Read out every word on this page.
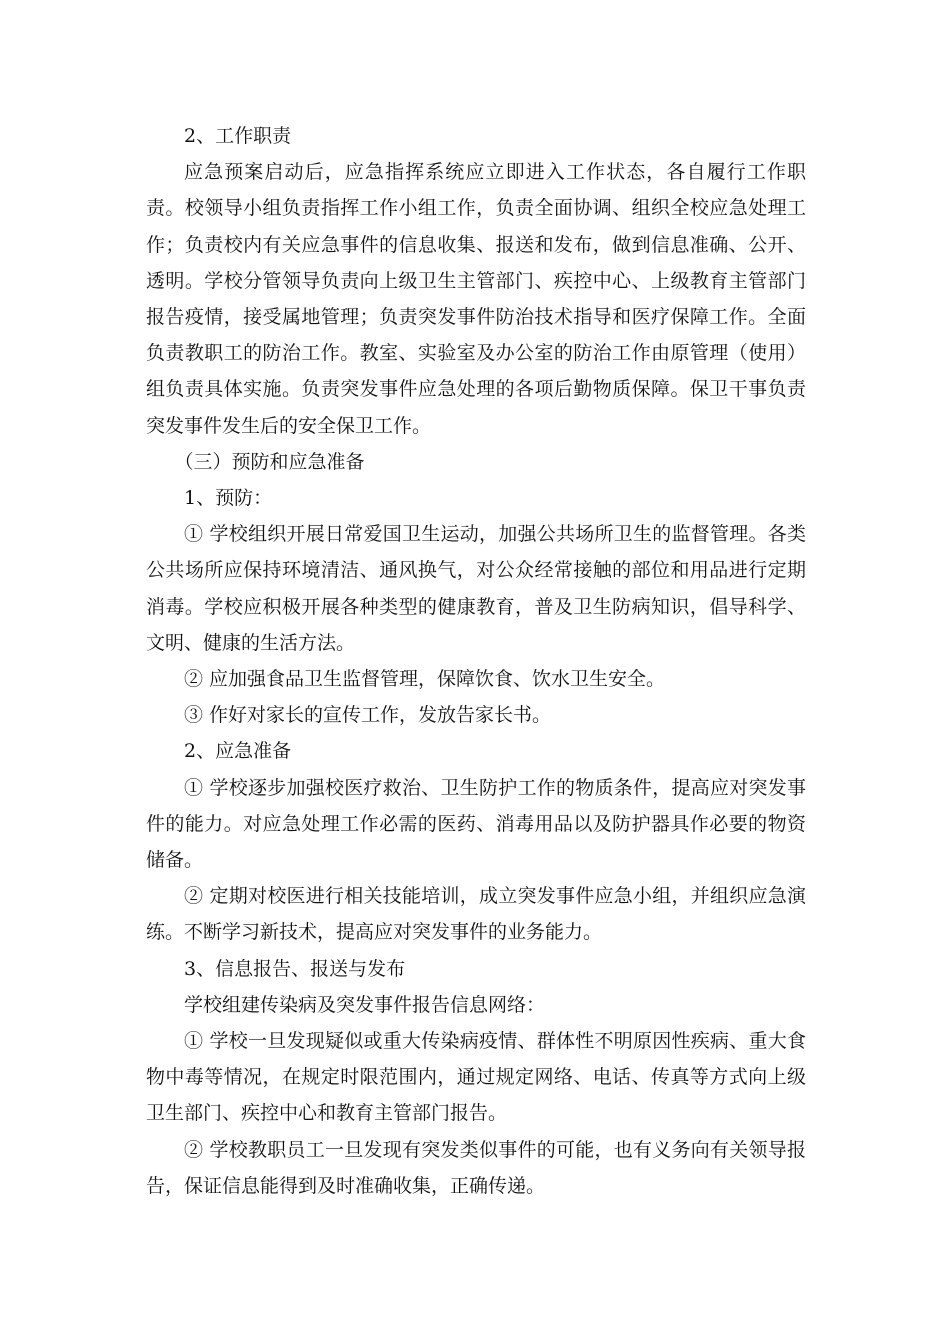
2、工作职责

应急预案启动后，应急指挥系统应立即进入工作状态，各自履行工作职责。校领导小组负责指挥工作小组工作，负责全面协调、组织全校应急处理工作；负责校内有关应急事件的信息收集、报送和发布，做到信息准确、公开、透明。学校分管领导负责向上级卫生主管部门、疾控中心、上级教育主管部门报告疫情，接受属地管理；负责突发事件防治技术指导和医疗保障工作。全面负责教职工的防治工作。教室、实验室及办公室的防治工作由原管理（使用）组负责具体实施。负责突发事件应急处理的各项后勤物质保障。保卫干事负责突发事件发生后的安全保卫工作。

（三）预防和应急准备

1、预防：

① 学校组织开展日常爱国卫生运动，加强公共场所卫生的监督管理。各类公共场所应保持环境清洁、通风换气，对公众经常接触的部位和用品进行定期消毒。学校应积极开展各种类型的健康教育，普及卫生防病知识，倡导科学、文明、健康的生活方法。

② 应加强食品卫生监督管理，保障饮食、饮水卫生安全。

③ 作好对家长的宣传工作，发放告家长书。

2、应急准备

① 学校逐步加强校医疗救治、卫生防护工作的物质条件，提高应对突发事件的能力。对应急处理工作必需的医药、消毒用品以及防护器具作必要的物资储备。

② 定期对校医进行相关技能培训，成立突发事件应急小组，并组织应急演练。不断学习新技术，提高应对突发事件的业务能力。

3、信息报告、报送与发布

学校组建传染病及突发事件报告信息网络：

① 学校一旦发现疑似或重大传染病疫情、群体性不明原因性疾病、重大食物中毒等情况，在规定时限范围内，通过规定网络、电话、传真等方式向上级卫生部门、疾控中心和教育主管部门报告。

② 学校教职员工一旦发现有突发类似事件的可能，也有义务向有关领导报告，保证信息能得到及时准确收集，正确传递。
